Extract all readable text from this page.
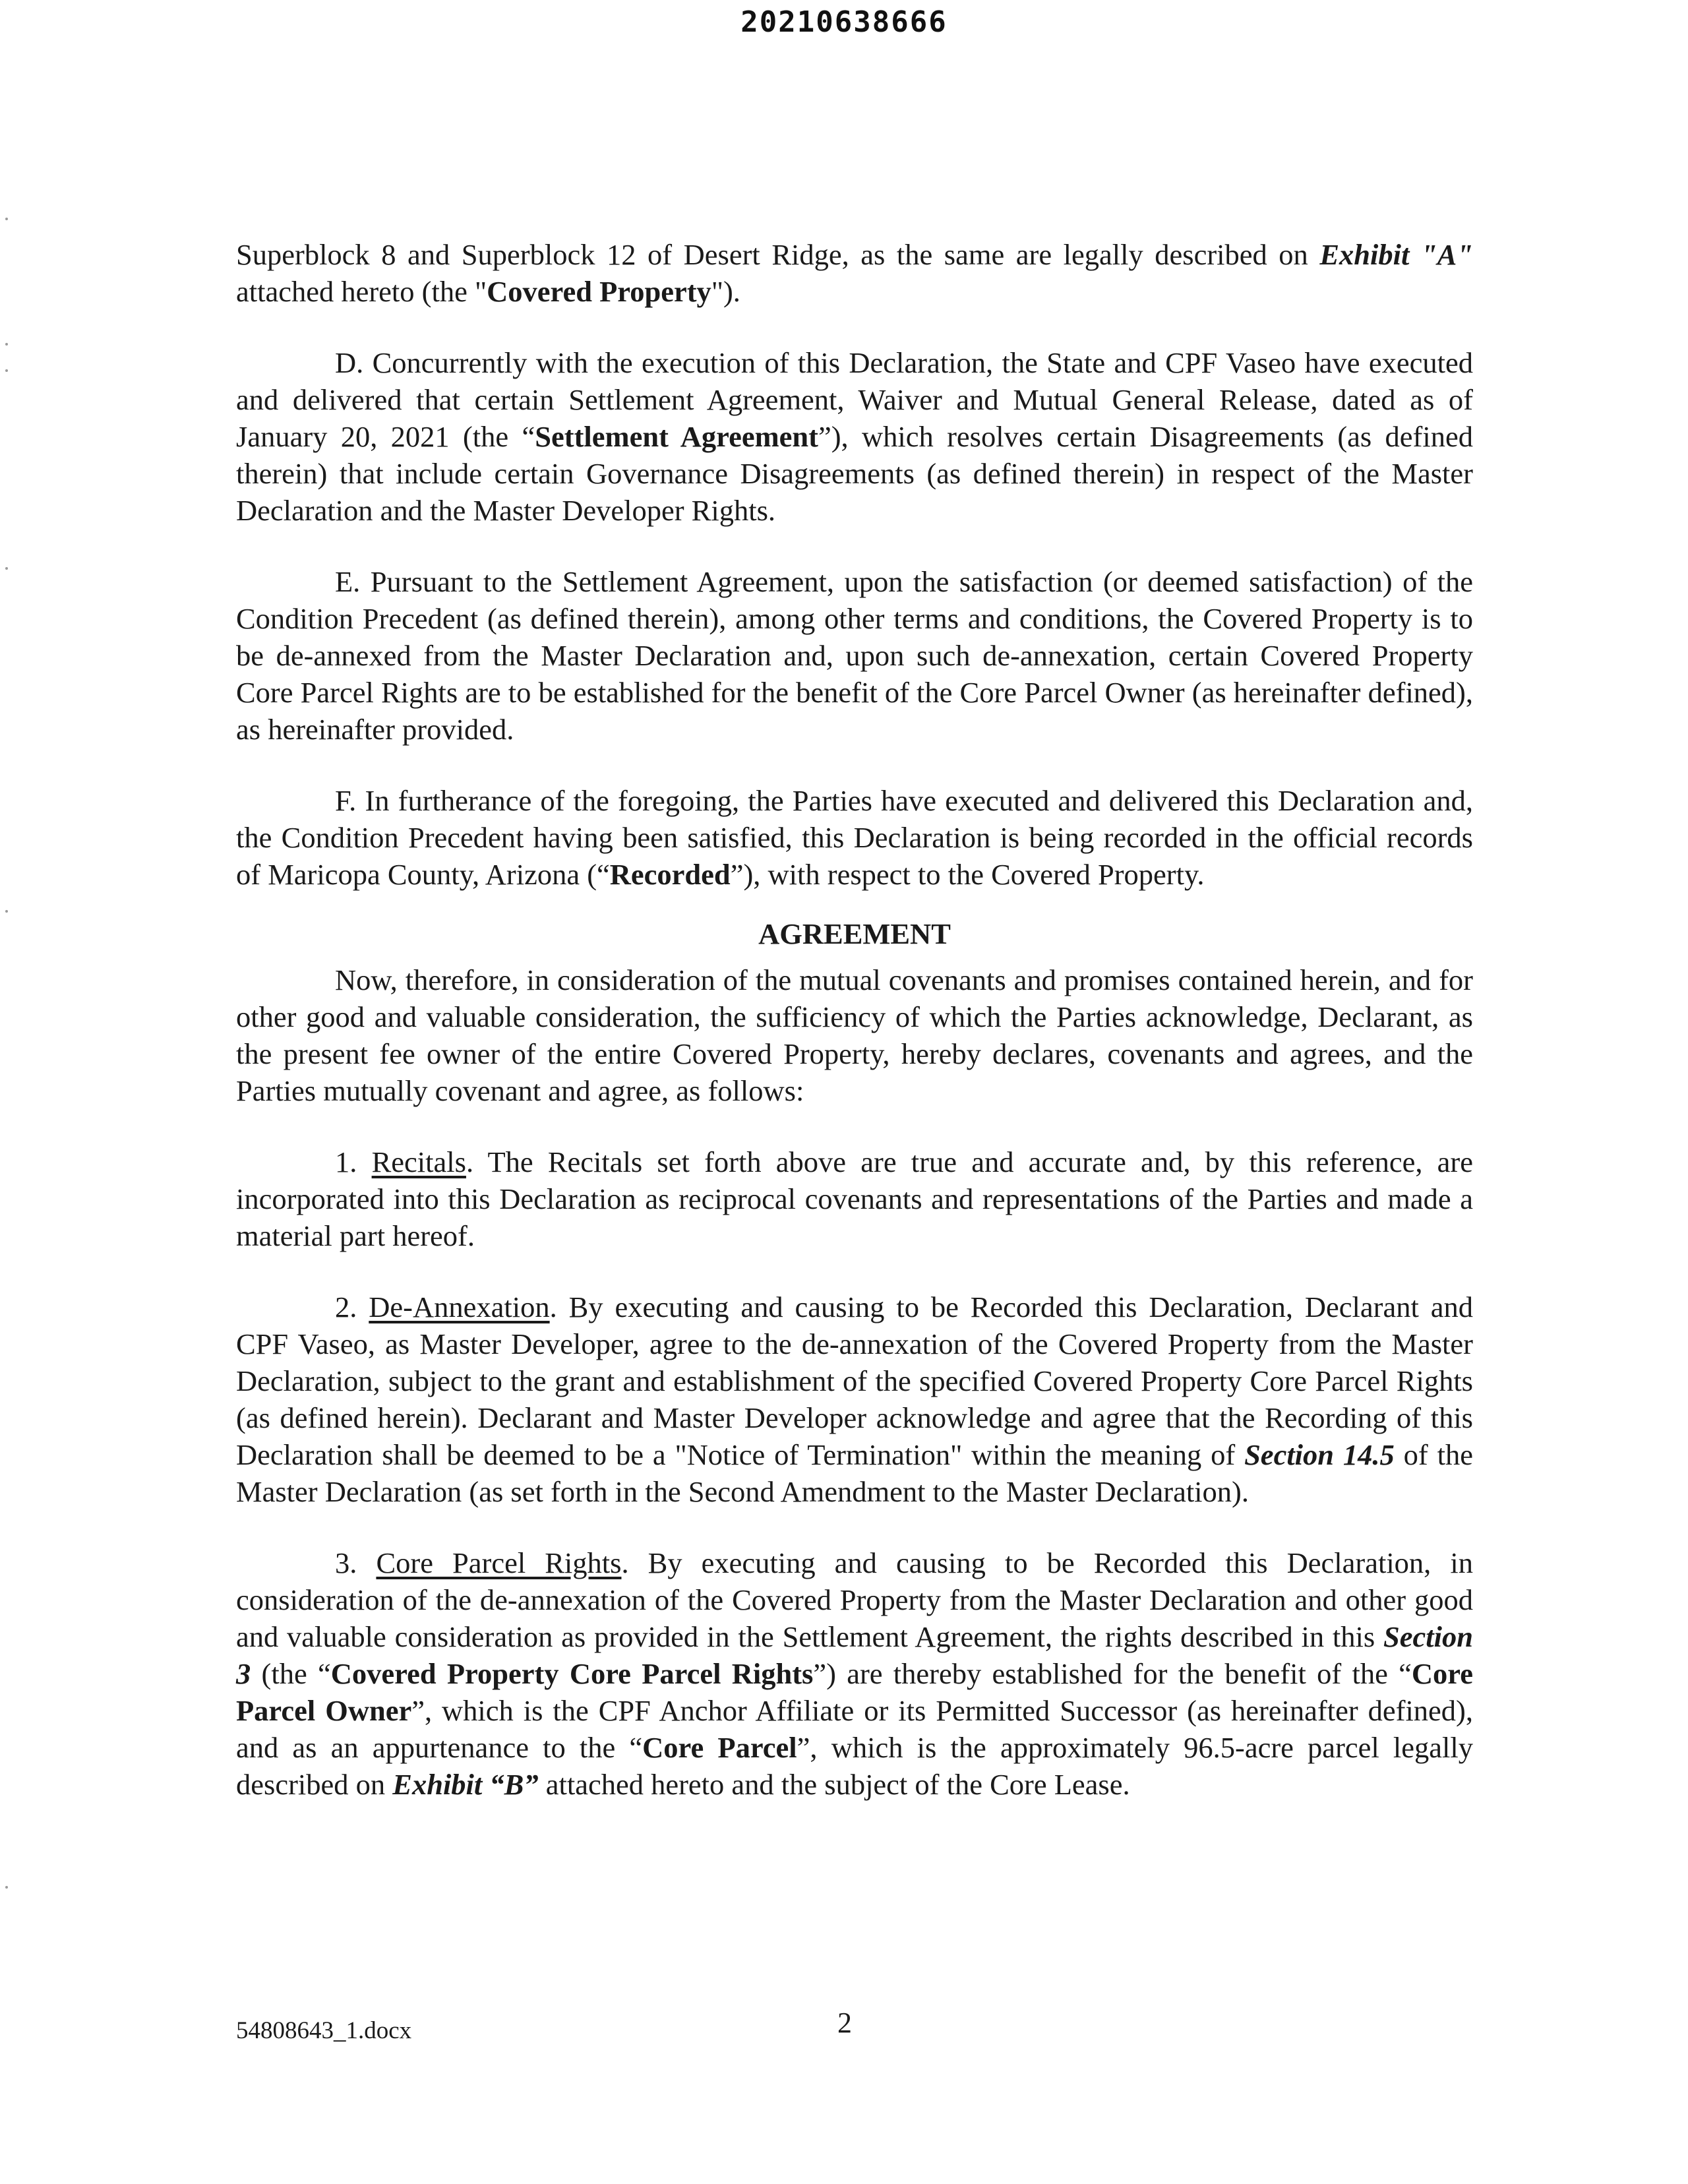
20210638666

Superblock 8 and Superblock 12 of Desert Ridge, as the same are legally described on Exhibit "A" attached hereto (the "Covered Property").

D. Concurrently with the execution of this Declaration, the State and CPF Vaseo have executed and delivered that certain Settlement Agreement, Waiver and Mutual General Release, dated as of January 20, 2021 (the “Settlement Agreement”), which resolves certain Disagreements (as defined therein) that include certain Governance Disagreements (as defined therein) in respect of the Master Declaration and the Master Developer Rights.

E. Pursuant to the Settlement Agreement, upon the satisfaction (or deemed satisfaction) of the Condition Precedent (as defined therein), among other terms and conditions, the Covered Property is to be de-annexed from the Master Declaration and, upon such de-annexation, certain Covered Property Core Parcel Rights are to be established for the benefit of the Core Parcel Owner (as hereinafter defined), as hereinafter provided.

F. In furtherance of the foregoing, the Parties have executed and delivered this Declaration and, the Condition Precedent having been satisfied, this Declaration is being recorded in the official records of Maricopa County, Arizona (“Recorded”), with respect to the Covered Property.

AGREEMENT

Now, therefore, in consideration of the mutual covenants and promises contained herein, and for other good and valuable consideration, the sufficiency of which the Parties acknowledge, Declarant, as the present fee owner of the entire Covered Property, hereby declares, covenants and agrees, and the Parties mutually covenant and agree, as follows:

1. Recitals. The Recitals set forth above are true and accurate and, by this reference, are incorporated into this Declaration as reciprocal covenants and representations of the Parties and made a material part hereof.

2. De-Annexation. By executing and causing to be Recorded this Declaration, Declarant and CPF Vaseo, as Master Developer, agree to the de-annexation of the Covered Property from the Master Declaration, subject to the grant and establishment of the specified Covered Property Core Parcel Rights (as defined herein). Declarant and Master Developer acknowledge and agree that the Recording of this Declaration shall be deemed to be a "Notice of Termination" within the meaning of Section 14.5 of the Master Declaration (as set forth in the Second Amendment to the Master Declaration).

3. Core Parcel Rights. By executing and causing to be Recorded this Declaration, in consideration of the de-annexation of the Covered Property from the Master Declaration and other good and valuable consideration as provided in the Settlement Agreement, the rights described in this Section 3 (the “Covered Property Core Parcel Rights”) are thereby established for the benefit of the “Core Parcel Owner”, which is the CPF Anchor Affiliate or its Permitted Successor (as hereinafter defined), and as an appurtenance to the “Core Parcel”, which is the approximately 96.5-acre parcel legally described on Exhibit “B” attached hereto and the subject of the Core Lease.

54808643_1.docx	2
